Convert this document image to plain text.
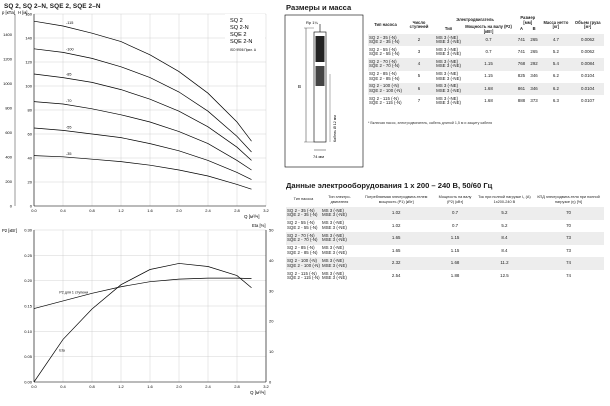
SQ 2, SQ 2–N, SQE 2, SQE 2–N
0.0	0.4	0.8	1.2	1.6	2.0	2.4	2.8	3.2
0
20
40
60
80
100
120
140
160
0
200
400
600
800
1000
1200
1400
p [кПа] H [м]
Q [м³/ч]
SQ 2
SQ 2-N
SQE 2
SQE 2-N
ISO 9906 Прил. A
-115
-100
-85
-70
-55
-35
0.0	0.4	0.8	1.2	1.6	2.0	2.4	2.8	3.2
0.00
0.05
0.10
0.15
0.20
0.25
0.30
0
10
20
30
40
50
P2 [кВт]
Eta [%]
Q [м³/ч]
P2 для 1 ступени
Eta
Rp 1¼
B
74 мм
Кабель Ø 12 мм
Размеры и масса
Тип насоса	Число ступеней	Электродвигатель		Размер [мм]		Масса нетто [кг]	Объем груза [м³]
		Тип	Мощность на валу (P2) [кВт]	A	B		

SQ 2 - 35 (-N)
SQE 2 - 35 (-N)	2	MS 3 (-NE)
MSE 3 (-NE)	0.7	741	265	4.7	0.0062

SQ 2 - 55 (-N)
SQE 2 - 55 (-N)	3	MS 3 (-NE)
MSE 3 (-NE)	0.7	741	265	5.2	0.0062

SQ 2 - 70 (-N)
SQE 2 - 70 (-N)	4	MS 3 (-NE)
MSE 3 (-NE)	1.15	768	292	5.4	0.0084

SQ 2 - 85 (-N)
SQE 2 - 85 (-N)	5	MS 3 (-NE)
MSE 3 (-NE)	1.15	825	346	6.2	0.0104

SQ 2 - 100 (-N)
SQE 2 - 100 (-N)	6	MS 3 (-NE)
MSE 3 (-NE)	1.68	861	346	6.2	0.0104

SQ 2 - 115 (-N)
SQE 2 - 115 (-N)	7	MS 3 (-NE)
MSE 3 (-NE)	1.68	888	373	6.3	0.0107
* Включая насос, электродвигатель, кабель длиной 1,5 м и защиту кабеля
Данные электрооборудования 1 x 200 – 240 B, 50/60 Гц
Тип насоса	Тип электро-двигателя	Потребляемая электродвига-телем мощность (P1) [кВт]	Мощность на валу (P2) [кВт]	Ток при полной нагрузке I₁ (А) 1x200-240 B	КПД электродвига-теля при полной нагрузке (η) [%]

SQ 2 - 35 (-N)
SQE 2 - 35 (-N)	MS 3 (-NE)
MSE 3 (-NE)	1.02	0.7	5.2	70

SQ 2 - 55 (-N)
SQE 2 - 55 (-N)	MS 3 (-NE)
MSE 3 (-NE)	1.02	0.7	5.2	70

SQ 2 - 70 (-N)
SQE 2 - 70 (-N)	MS 3 (-NE)
MSE 3 (-NE)	1.65	1.15	8.4	73

SQ 2 - 85 (-N)
SQE 2 - 85 (-N)	MS 3 (-NE)
MSE 3 (-NE)	1.65	1.15	8.4	73

SQ 2 - 100 (-N)
SQE 2 - 100 (-N)	MS 3 (-NE)
MSE 3 (-NE)	2.32	1.68	11.2	74

SQ 2 - 115 (-N)
SQE 2 - 115 (-N)	MS 3 (-NE)
MSE 3 (-NE)	2.54	1.88	12.5	74
